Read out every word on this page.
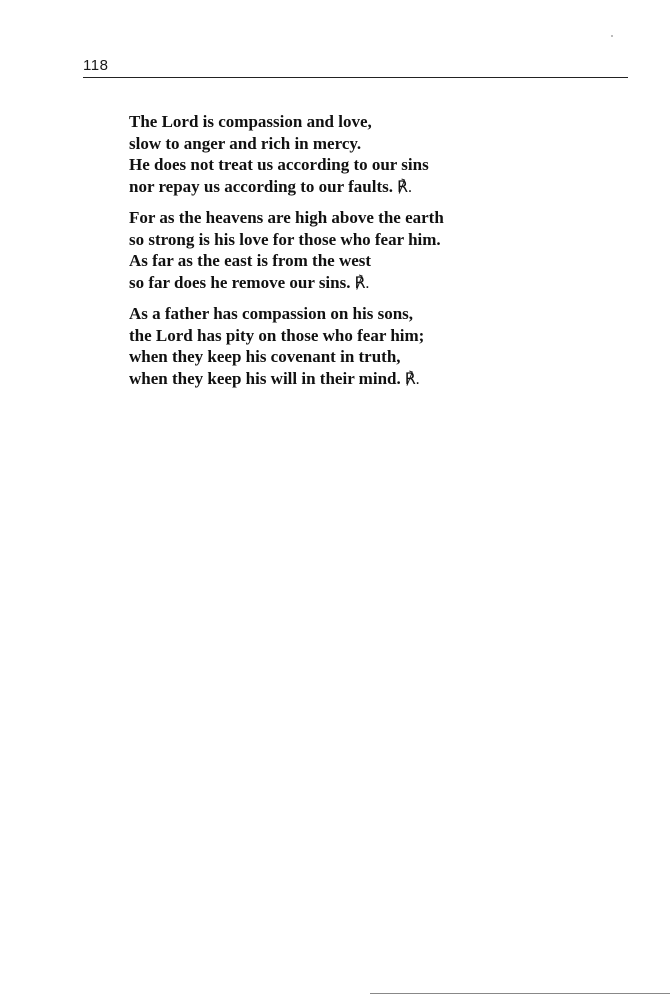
118
The Lord is compassion and love,
slow to anger and rich in mercy.
He does not treat us according to our sins
nor repay us according to our faults. ℟.
For as the heavens are high above the earth
so strong is his love for those who fear him.
As far as the east is from the west
so far does he remove our sins. ℟.
As a father has compassion on his sons,
the Lord has pity on those who fear him;
when they keep his covenant in truth,
when they keep his will in their mind. ℟.
